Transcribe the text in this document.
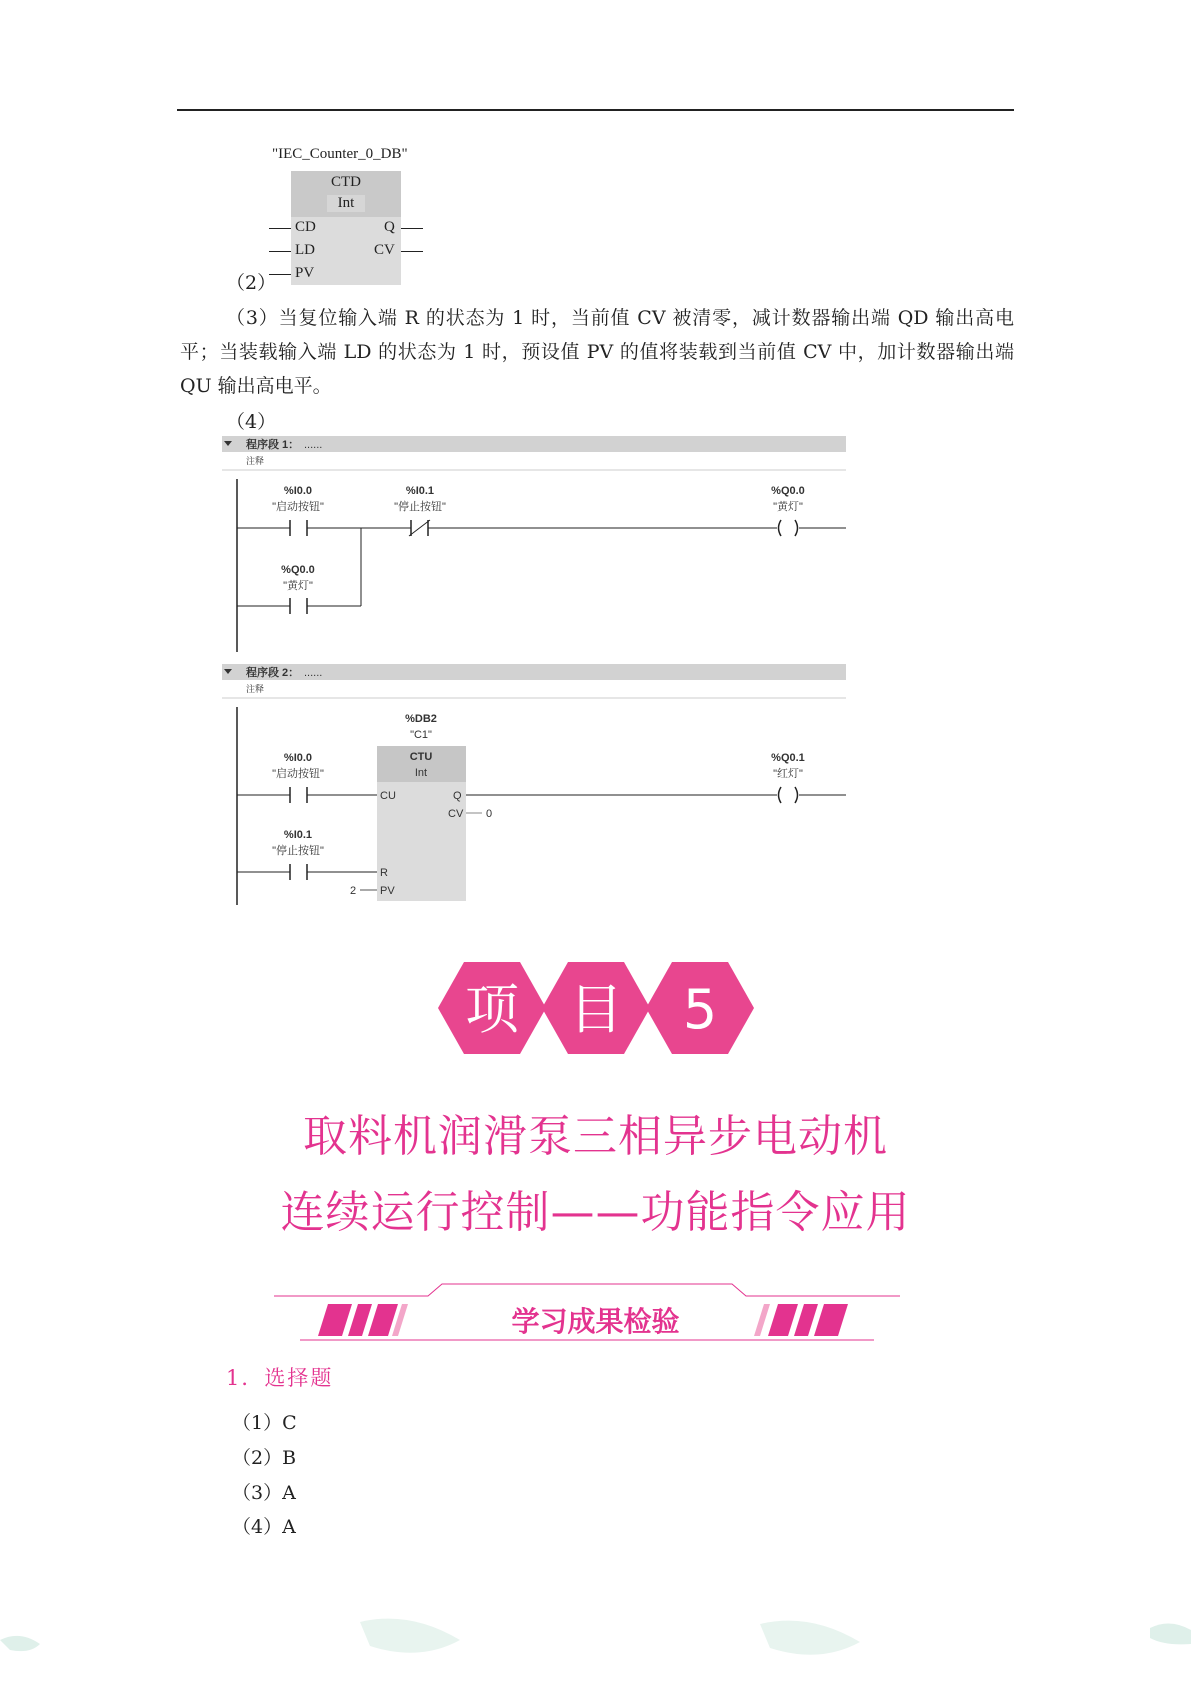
"IEC_Counter_0_DB"
CTD
Int
CD
LD
PV
Q
CV
（2）
（3）当复位输入端 R 的状态为 1 时，当前值 CV 被清零，减计数器输出端 QD 输出高电平；当装载输入端 LD 的状态为 1 时，预设值 PV 的值将装载到当前值 CV 中，加计数器输出端 QU 输出高电平。
（4）
程序段 1： ......
注释
%I0.0
"启动按钮"
%I0.1
"停止按钮"
%Q0.0
"黄灯"
%Q0.0
"黄灯"
程序段 2： ......
注释
%DB2
"C1"
CTU
Int
%I0.0
"启动按钮"
CU	Q
CV 0
%Q0.1
"红灯"
%I0.1
"停止按钮"
R
2 PV
项 目 5
取料机润滑泵三相异步电动机
连续运行控制——功能指令应用
学习成果检验
1．选择题
（1）C
（2）B
（3）A
（4）A
